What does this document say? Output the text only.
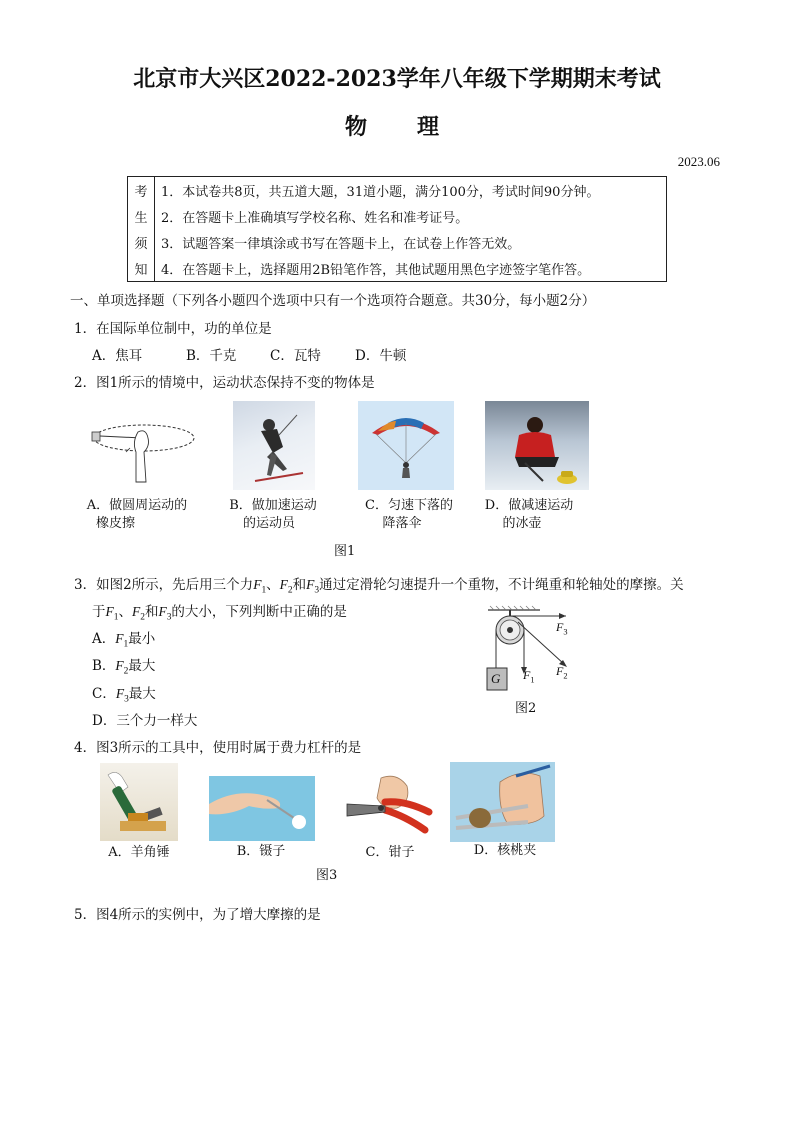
北京市大兴区2022-2023学年八年级下学期期末考试
物理
2023.06
考	1．本试卷共8页，共五道大题，31道小题，满分100分，考试时间90分钟。
生	2．在答题卡上准确填写学校名称、姓名和准考证号。
须	3．试题答案一律填涂或书写在答题卡上，在试卷上作答无效。
知	4．在答题卡上，选择题用2B铅笔作答，其他试题用黑色字迹签字笔作答。
一、单项选择题（下列各小题四个选项中只有一个选项符合题意。共30分，每小题2分）
1．在国际单位制中，功的单位是
A．焦耳	B．千克 C．瓦特	D．牛顿
2．图1所示的情境中，运动状态保持不变的物体是
A．做圆周运动的
橡皮擦
B．做加速运动
的运动员
C．匀速下落的
降落伞
D．做减速运动
的冰壶
图1
3．如图2所示，先后用三个力$F_1$、$F_2$和$F_3$通过定滑轮匀速提升一个重物，不计绳重和轮轴处的摩擦。关
于$F_1$、$F_2$和$F_3$的大小，下列判断中正确的是
A．$F_1$最小
B．$F_2$最大
C．$F_3$最大
D．三个力一样大
G
$F_3$
$F_1$
$F_2$
图2
4．图3所示的工具中，使用时属于费力杠杆的是
A．羊角锤	B．镊子	C．钳子	D．核桃夹
图3
5．图4所示的实例中，为了增大摩擦的是
